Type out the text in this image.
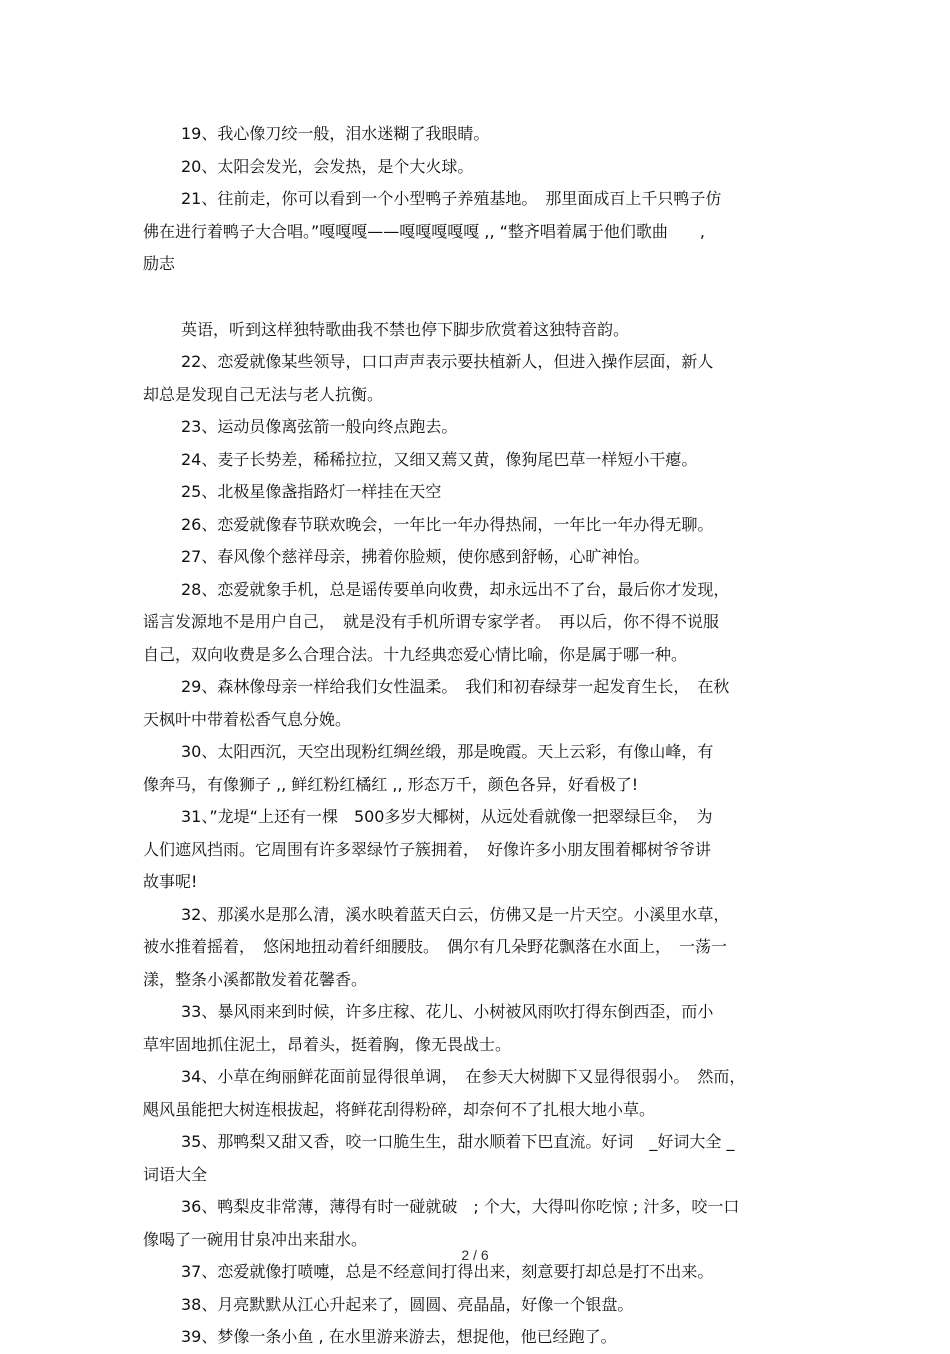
19、我心像刀绞一般，泪水迷糊了我眼睛。
20、太阳会发光，会发热，是个大火球。
21、往前走，你可以看到一个小型鸭子养殖基地。　那里面成百上千只鸭子仿
佛在进行着鸭子大合唱。”嘎嘎嘎——嘎嘎嘎嘎嘎 ,, “整齐唱着属于他们歌曲　　,
励志
英语，听到这样独特歌曲我不禁也停下脚步欣赏着这独特音韵。
22、恋爱就像某些领导，口口声声表示要扶植新人，但进入操作层面，新人
却总是发现自己无法与老人抗衡。
23、运动员像离弦箭一般向终点跑去。
24、麦子长势差，稀稀拉拉，又细又蔫又黄，像狗尾巴草一样短小干瘪。
25、北极星像盏指路灯一样挂在天空
26、恋爱就像春节联欢晚会，一年比一年办得热闹，一年比一年办得无聊。
27、春风像个慈祥母亲，拂着你脸颊，使你感到舒畅，心旷神怡。
28、恋爱就象手机，总是谣传要单向收费，却永远出不了台，最后你才发现，
谣言发源地不是用户自己，　就是没有手机所谓专家学者。　再以后，你不得不说服
自己，双向收费是多么合理合法。十九经典恋爱心情比喻，你是属于哪一种。
29、森林像母亲一样给我们女性温柔。　我们和初春绿芽一起发育生长，　在秋
天枫叶中带着松香气息分娩。
30、太阳西沉，天空出现粉红绸丝缎，那是晚霞。天上云彩，有像山峰，有
像奔马，有像狮子 ,, 鲜红粉红橘红 ,, 形态万千，颜色各异，好看极了!
31、”龙堤“上还有一棵　500多岁大椰树，从远处看就像一把翠绿巨伞，　为
人们遮风挡雨。它周围有许多翠绿竹子簇拥着，　好像许多小朋友围着椰树爷爷讲
故事呢!
32、那溪水是那么清，溪水映着蓝天白云，仿佛又是一片天空。小溪里水草，
被水推着摇着，　悠闲地扭动着纤细腰肢。　偶尔有几朵野花飘落在水面上，　一荡一
漾，整条小溪都散发着花馨香。
33、暴风雨来到时候，许多庄稼、花儿、小树被风雨吹打得东倒西歪，而小
草牢固地抓住泥土，昂着头，挺着胸，像无畏战士。
34、小草在绚丽鲜花面前显得很单调，　在参天大树脚下又显得很弱小。　然而，
飓风虽能把大树连根拔起，将鲜花刮得粉碎，却奈何不了扎根大地小草。
35、那鸭梨又甜又香，咬一口脆生生，甜水顺着下巴直流。好词　_好词大全 _
词语大全
36、鸭梨皮非常薄，薄得有时一碰就破　; 个大，大得叫你吃惊 ; 汁多，咬一口
像喝了一碗用甘泉冲出来甜水。
37、恋爱就像打喷嚏，总是不经意间打得出来，刻意要打却总是打不出来。
38、月亮默默从江心升起来了，圆圆、亮晶晶，好像一个银盘。
39、梦像一条小鱼 , 在水里游来游去，想捉他，他已经跑了。
2 / 6
